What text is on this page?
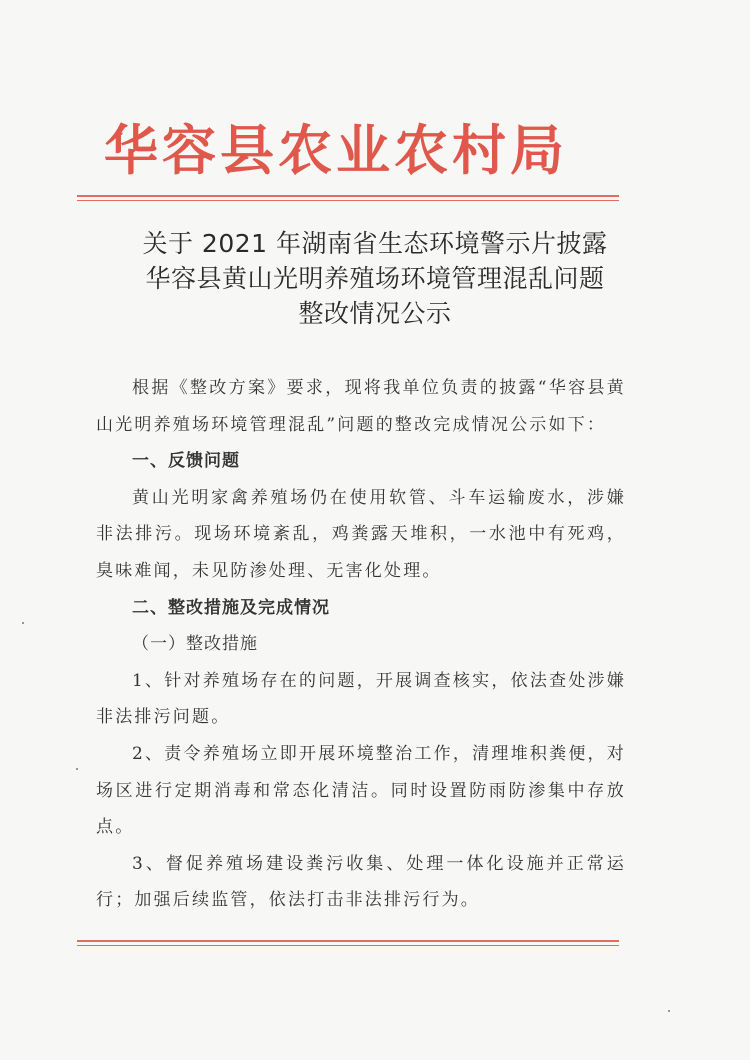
华容县农业农村局
关于 2021 年湖南省生态环境警示片披露
华容县黄山光明养殖场环境管理混乱问题
整改情况公示

根据《整改方案》要求，现将我单位负责的披露“华容县黄山光明养殖场环境管理混乱”问题的整改完成情况公示如下：

一、反馈问题

黄山光明家禽养殖场仍在使用软管、斗车运输废水，涉嫌非法排污。现场环境紊乱，鸡粪露天堆积，一水池中有死鸡，臭味难闻，未见防渗处理、无害化处理。

二、整改措施及完成情况

（一）整改措施

1、针对养殖场存在的问题，开展调查核实，依法查处涉嫌非法排污问题。

2、责令养殖场立即开展环境整治工作，清理堆积粪便，对场区进行定期消毒和常态化清洁。同时设置防雨防渗集中存放点。

3、督促养殖场建设粪污收集、处理一体化设施并正常运行；加强后续监管，依法打击非法排污行为。
